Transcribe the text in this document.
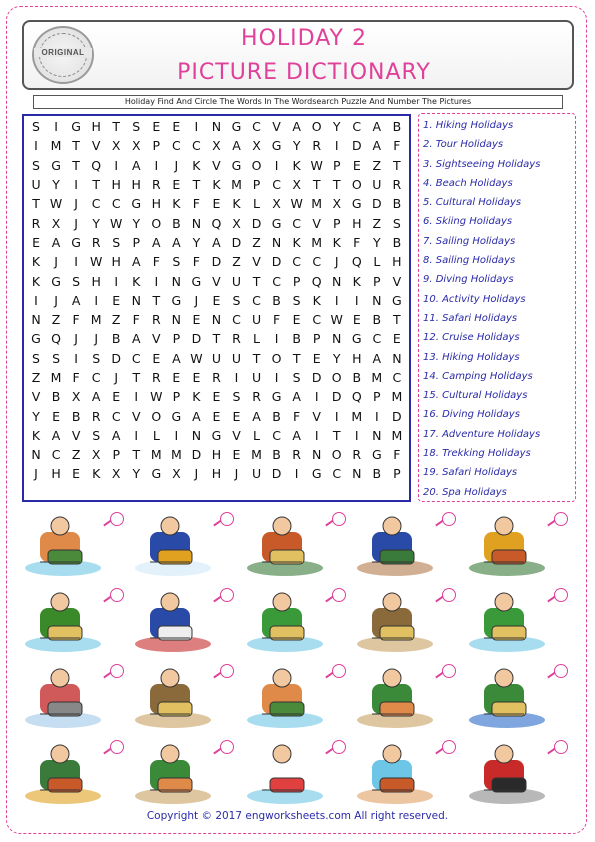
ORIGINAL
HOLIDAY 2
PICTURE DICTIONARY
Holiday Find And Circle The Words In The Wordsearch Puzzle And Number The Pictures
S	I	G H T S E E	I	N G C V A O Y C A B
I	M T V X X P C C X A X G Y R	I	D A F
S G T Q	I	A	I	J	K V G O	I	K W P E Z T
U Y	I	T H H R E T K M P C X T T O U R
T W J	C C G H K F E K L X W M X G D B
R X	J	Y W Y O B N Q X D G C V P H Z S
E A G R S P A A Y A D Z N K M K F	Y B
K	J	I W H A F S F D Z V D C C	J	Q L H
K G S H	I	K	I	N G V U T C P Q N K P V
I	J	A	I	E N T G	J	E S C B S K	I	I	N G
N Z F M Z F R N E N C U F E C W E B T
G Q	J	J	B A V P D T R L	I	B P N G C E
S S	I	S D C E A W U U T O T E Y H A N
Z M F C	J	T R E E R	I	U	I	S D O B M C
V B X A E	I W P K E S R G A	I	D Q P M
Y E B R C V O G A E E A B F V	I	M	I	D
K A V S A	I	L	I	N G V L C A	I	T	I	N M
N C Z X P T M M D H E M B R N O R G F
J	H E K X Y G X	J	H	J	U D	I	G C N B P
1. Hiking Holidays
2. Tour Holidays
3. Sightseeing Holidays
4. Beach Holidays
5. Cultural Holidays
6. Skiing Holidays
7. Sailing Holidays
8. Sailing Holidays
9. Diving Holidays
10. Activity Holidays
11. Safari Holidays
12. Cruise Holidays
13. Hiking Holidays
14. Camping Holidays
15. Cultural Holidays
16. Diving Holidays
17. Adventure Holidays
18. Trekking Holidays
19. Safari Holidays
20. Spa Holidays
Copyright © 2017 engworksheets.com All right reserved.
